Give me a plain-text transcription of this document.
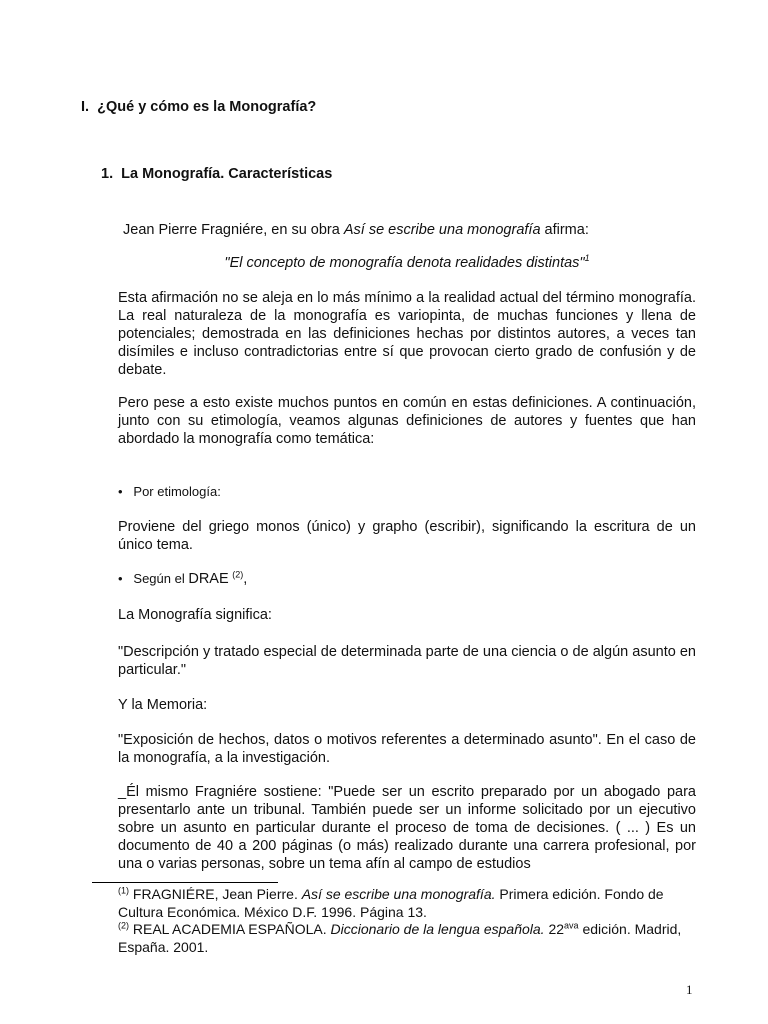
I. ¿Qué y cómo es la Monografía?
1. La Monografía. Características
Jean Pierre Fragniére, en su obra Así se escribe una monografía afirma:
"El concepto de monografía denota realidades distintas"$^1$
Esta afirmación no se aleja en lo más mínimo a la realidad actual del término monografía. La real naturaleza de la monografía es variopinta, de muchas funciones y llena de potenciales; demostrada en las definiciones hechas por distintos autores, a veces tan disímiles e incluso contradictorias entre sí que provocan cierto grado de confusión y de debate.
Pero pese a esto existe muchos puntos en común en estas definiciones. A continuación, junto con su etimología, veamos algunas definiciones de autores y fuentes que han abordado la monografía como temática:
• Por etimología:
Proviene del griego monos (único) y grapho (escribir), significando la escritura de un único tema.
• Según el DRAE $^{(2)}$,
La Monografía significa:
"Descripción y tratado especial de determinada parte de una ciencia o de algún asunto en particular."
Y la Memoria:
"Exposición de hechos, datos o motivos referentes a determinado asunto". En el caso de la monografía, a la investigación.
_Él mismo Fragniére sostiene: "Puede ser un escrito preparado por un abogado para presentarlo ante un tribunal. También puede ser un informe solicitado por un ejecutivo sobre un asunto en particular durante el proceso de toma de decisiones. ( ... ) Es un documento de 40 a 200 páginas (o más) realizado durante una carrera profesional, por una o varias personas, sobre un tema afín al campo de estudios
$^{(1)}$ FRAGNIÉRE, Jean Pierre. Así se escribe una monografía. Primera edición. Fondo de Cultura Económica. México D.F. 1996. Página 13.
$^{(2)}$ REAL ACADEMIA ESPAÑOLA. Diccionario de la lengua española. $22^{ava}$ edición. Madrid, España. 2001.
1
